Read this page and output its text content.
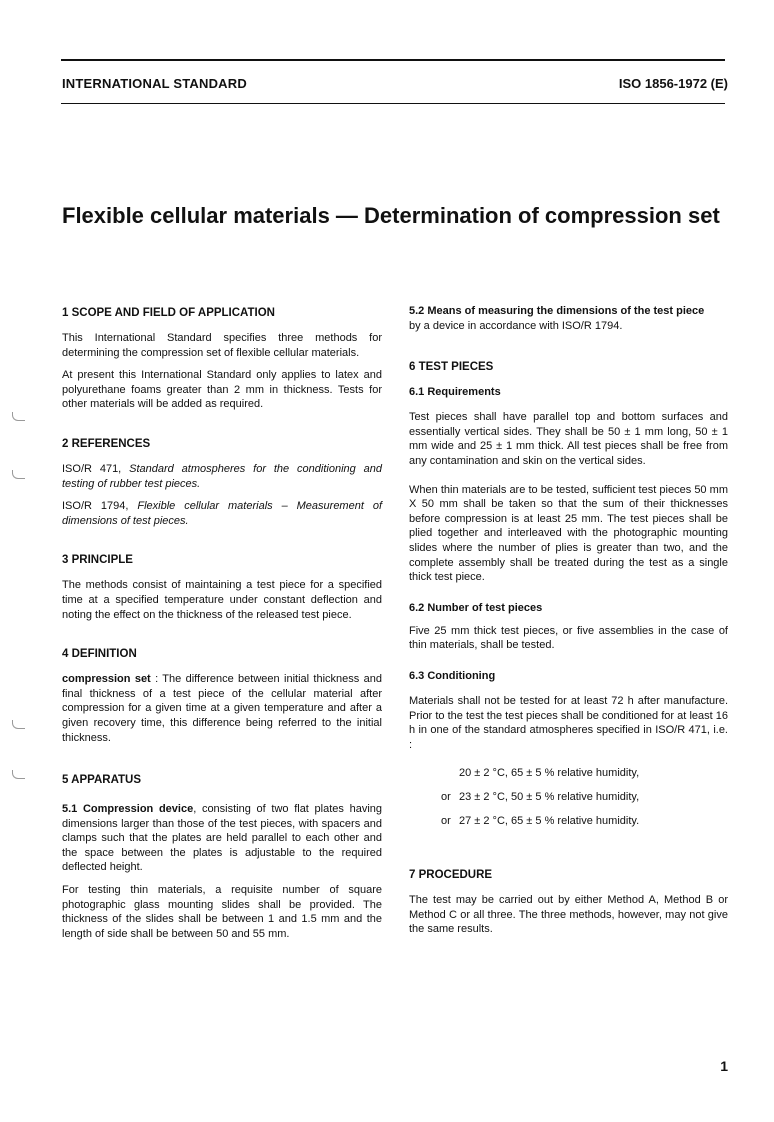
INTERNATIONAL STANDARD	ISO 1856-1972 (E)
Flexible cellular materials — Determination of compression set
1 SCOPE AND FIELD OF APPLICATION

This International Standard specifies three methods for determining the compression set of flexible cellular materials.

At present this International Standard only applies to latex and polyurethane foams greater than 2 mm in thickness. Tests for other materials will be added as required.

2 REFERENCES

ISO/R 471, Standard atmospheres for the conditioning and testing of rubber test pieces.

ISO/R 1794, Flexible cellular materials – Measurement of dimensions of test pieces.

3 PRINCIPLE

The methods consist of maintaining a test piece for a specified time at a specified temperature under constant deflection and noting the effect on the thickness of the released test piece.

4 DEFINITION

compression set : The difference between initial thickness and final thickness of a test piece of the cellular material after compression for a given time at a given temperature and after a given recovery time, this difference being referred to the initial thickness.

5 APPARATUS

5.1 Compression device, consisting of two flat plates having dimensions larger than those of the test pieces, with spacers and clamps such that the plates are held parallel to each other and the space between the plates is adjustable to the required deflected height.

For testing thin materials, a requisite number of square photographic glass mounting slides shall be provided. The thickness of the slides shall be between 1 and 1.5 mm and the length of side shall be between 50 and 55 mm.

5.2 Means of measuring the dimensions of the test piece
by a device in accordance with ISO/R 1794.

6 TEST PIECES
6.1 Requirements

Test pieces shall have parallel top and bottom surfaces and essentially vertical sides. They shall be 50 ± 1 mm long, 50 ± 1 mm wide and 25 ± 1 mm thick. All test pieces shall be free from any contamination and skin on the vertical sides.

When thin materials are to be tested, sufficient test pieces 50 mm X 50 mm shall be taken so that the sum of their thicknesses before compression is at least 25 mm. The test pieces shall be plied together and interleaved with the photographic mounting slides where the number of plies is greater than two, and the complete assembly shall be treated during the test as a single thick test piece.

6.2 Number of test pieces

Five 25 mm thick test pieces, or five assemblies in the case of thin materials, shall be tested.

6.3 Conditioning

Materials shall not be tested for at least 72 h after manufacture. Prior to the test the test pieces shall be conditioned for at least 16 h in one of the standard atmospheres specified in ISO/R 471, i.e. :

20 ± 2 °C, 65 ± 5 % relative humidity,
or 23 ± 2 °C, 50 ± 5 % relative humidity,
or 27 ± 2 °C, 65 ± 5 % relative humidity.
7 PROCEDURE

The test may be carried out by either Method A, Method B or Method C or all three. The three methods, however, may not give the same results.

1
